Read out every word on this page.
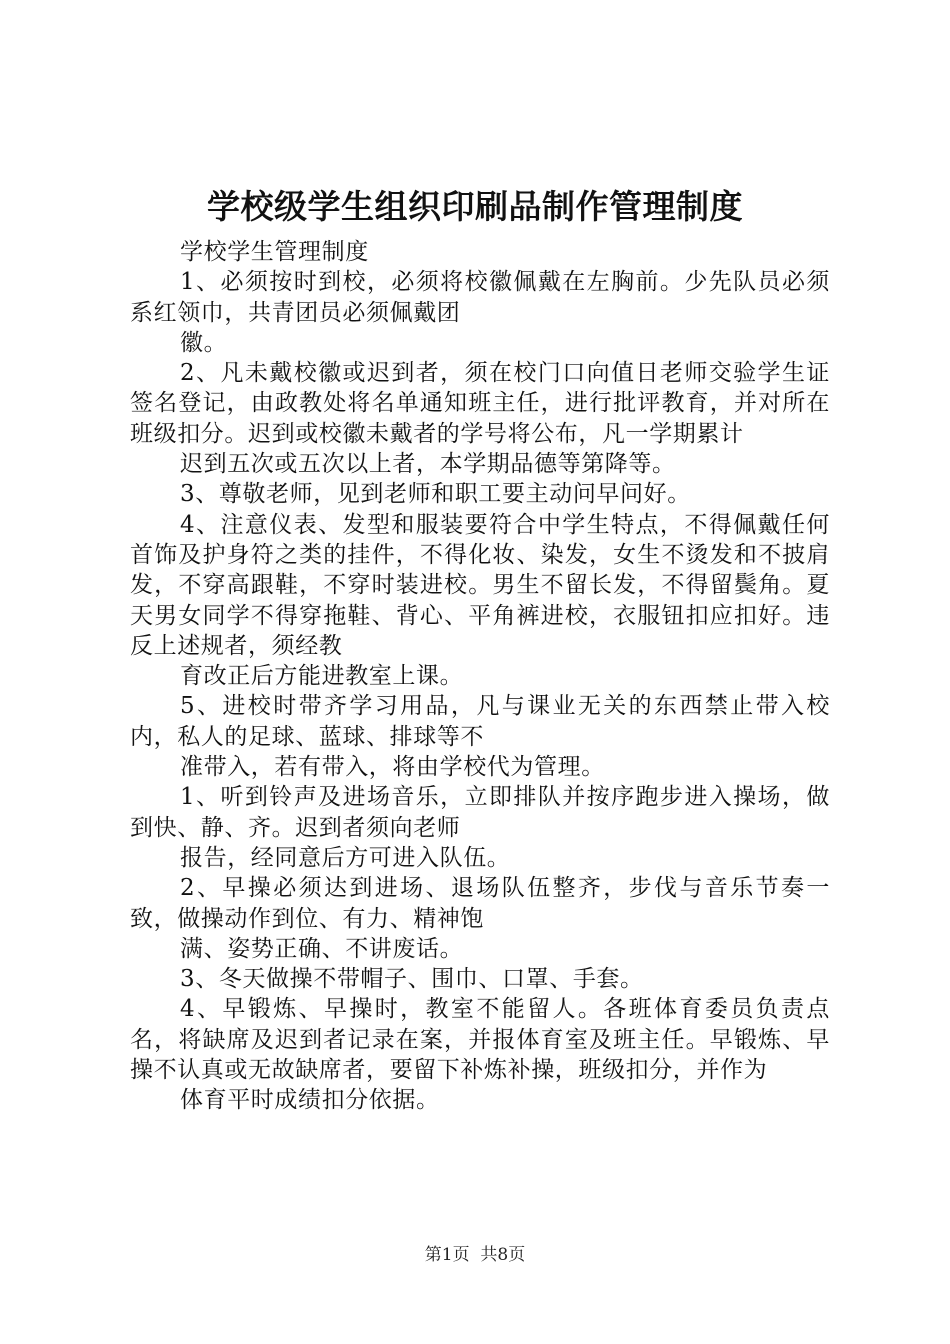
学校级学生组织印刷品制作管理制度

学校学生管理制度

1、必须按时到校，必须将校徽佩戴在左胸前。少先队员必须系红领巾，共青团员必须佩戴团

徽。

2、凡未戴校徽或迟到者，须在校门口向值日老师交验学生证签名登记，由政教处将名单通知班主任，进行批评教育，并对所在班级扣分。迟到或校徽未戴者的学号将公布，凡一学期累计

迟到五次或五次以上者，本学期品德等第降等。

3、尊敬老师，见到老师和职工要主动问早问好。

4、注意仪表、发型和服装要符合中学生特点，不得佩戴任何首饰及护身符之类的挂件，不得化妆、染发，女生不烫发和不披肩发，不穿高跟鞋，不穿时装进校。男生不留长发，不得留鬓角。夏天男女同学不得穿拖鞋、背心、平角裤进校，衣服钮扣应扣好。违反上述规者，须经教

育改正后方能进教室上课。

5、进校时带齐学习用品，凡与课业无关的东西禁止带入校内，私人的足球、蓝球、排球等不

准带入，若有带入，将由学校代为管理。

1、听到铃声及进场音乐，立即排队并按序跑步进入操场，做到快、静、齐。迟到者须向老师

报告，经同意后方可进入队伍。

2、早操必须达到进场、退场队伍整齐，步伐与音乐节奏一致，做操动作到位、有力、精神饱

满、姿势正确、不讲废话。

3、冬天做操不带帽子、围巾、口罩、手套。

4、早锻炼、早操时，教室不能留人。各班体育委员负责点名，将缺席及迟到者记录在案，并报体育室及班主任。早锻炼、早操不认真或无故缺席者，要留下补炼补操，班级扣分，并作为

体育平时成绩扣分依据。

第1页  共8页
